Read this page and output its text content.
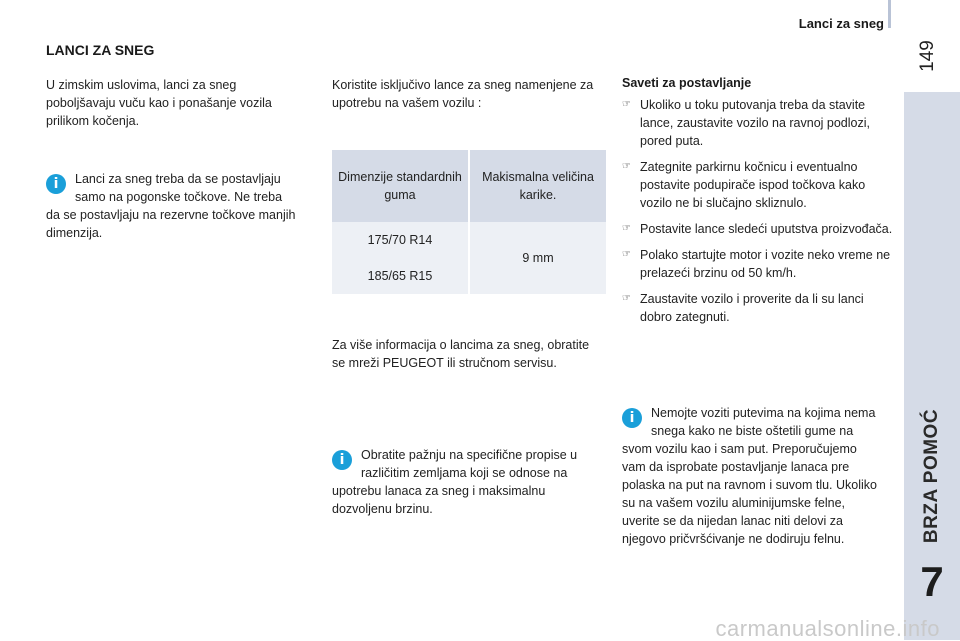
Lanci za sneg
149
BRZA POMOĆ
7
LANCI ZA SNEG

U zimskim uslovima, lanci za sneg poboljšavaju vuču kao i ponašanje vozila prilikom kočenja.

i	Lanci za sneg treba da se postavljaju samo na pogonske točkove. Ne treba da se postavljaju na rezervne točkove manjih dimenzija.

Koristite isključivo lance za sneg namenjene za upotrebu na vašem vozilu :

Dimenzije standardnih guma	Makismalna veličina karike.
175/70 R14	9 mm
185/65 R15	

Za više informacija o lancima za sneg, obratite se mreži PEUGEOT ili stručnom servisu.

i	Obratite pažnju na specifične propise u različitim zemljama koji se odnose na upotrebu lanaca za sneg i maksimalnu dozvoljenu brzinu.
Saveti za postavljanje
☞ Ukoliko u toku putovanja treba da stavite lance, zaustavite vozilo na ravnoj podlozi, pored puta.
☞ Zategnite parkirnu kočnicu i eventualno postavite podupirače ispod točkova kako vozilo ne bi slučajno skliznulo.
☞ Postavite lance sledeći uputstva proizvođača.
☞ Polako startujte motor i vozite neko vreme ne prelazeći brzinu od 50 km/h.
☞ Zaustavite vozilo i proverite da li su lanci dobro zategnuti.
i	Nemojte voziti putevima na kojima nema snega kako ne biste oštetili gume na svom vozilu kao i sam put. Preporučujemo vam da isprobate postavljanje lanaca pre polaska na put na ravnom i suvom tlu. Ukoliko su na vašem vozilu aluminijumske felne, uverite se da nijedan lanac niti delovi za njegovo pričvršćivanje ne dodiruju felnu.
carmanualsonline.info
